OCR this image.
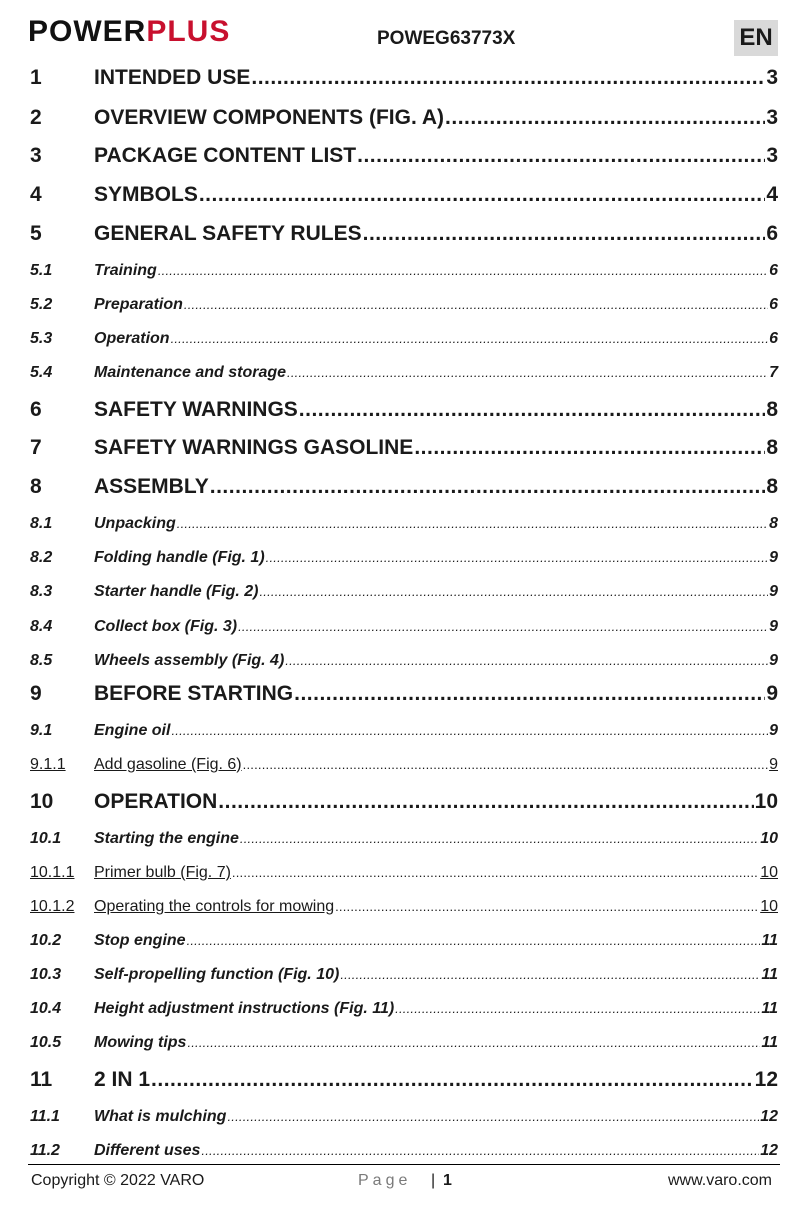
POWERPLUS	POWEG63773X	EN
1	INTENDED USE .....	3
2	OVERVIEW COMPONENTS (FIG. A) .....	3
3	PACKAGE CONTENT LIST .....	3
4	SYMBOLS .....	4
5	GENERAL SAFETY RULES .....	6
5.1	Training .....	6
5.2	Preparation .....	6
5.3	Operation .....	6
5.4	Maintenance and storage .....	7
6	SAFETY WARNINGS .....	8
7	SAFETY WARNINGS GASOLINE .....	8
8	ASSEMBLY .....	8
8.1	Unpacking .....	8
8.2	Folding handle (Fig. 1) .....	9
8.3	Starter handle (Fig. 2) .....	9
8.4	Collect box (Fig. 3) .....	9
8.5	Wheels assembly (Fig. 4) .....	9
9	BEFORE STARTING .....	9
9.1	Engine oil .....	9
9.1.1	Add gasoline (Fig. 6) .....	9
10	OPERATION .....	10
10.1	Starting the engine .....	10
10.1.1	Primer bulb (Fig. 7) .....	10
10.1.2	Operating the controls for mowing .....	10
10.2	Stop engine .....	11
10.3	Self-propelling function (Fig. 10) .....	11
10.4	Height adjustment instructions (Fig. 11) .....	11
10.5	Mowing tips .....	11
11	2 IN 1 .....	12
11.1	What is mulching .....	12
11.2	Different uses .....	12
Copyright © 2022 VARO	Page | 1	www.varo.com
